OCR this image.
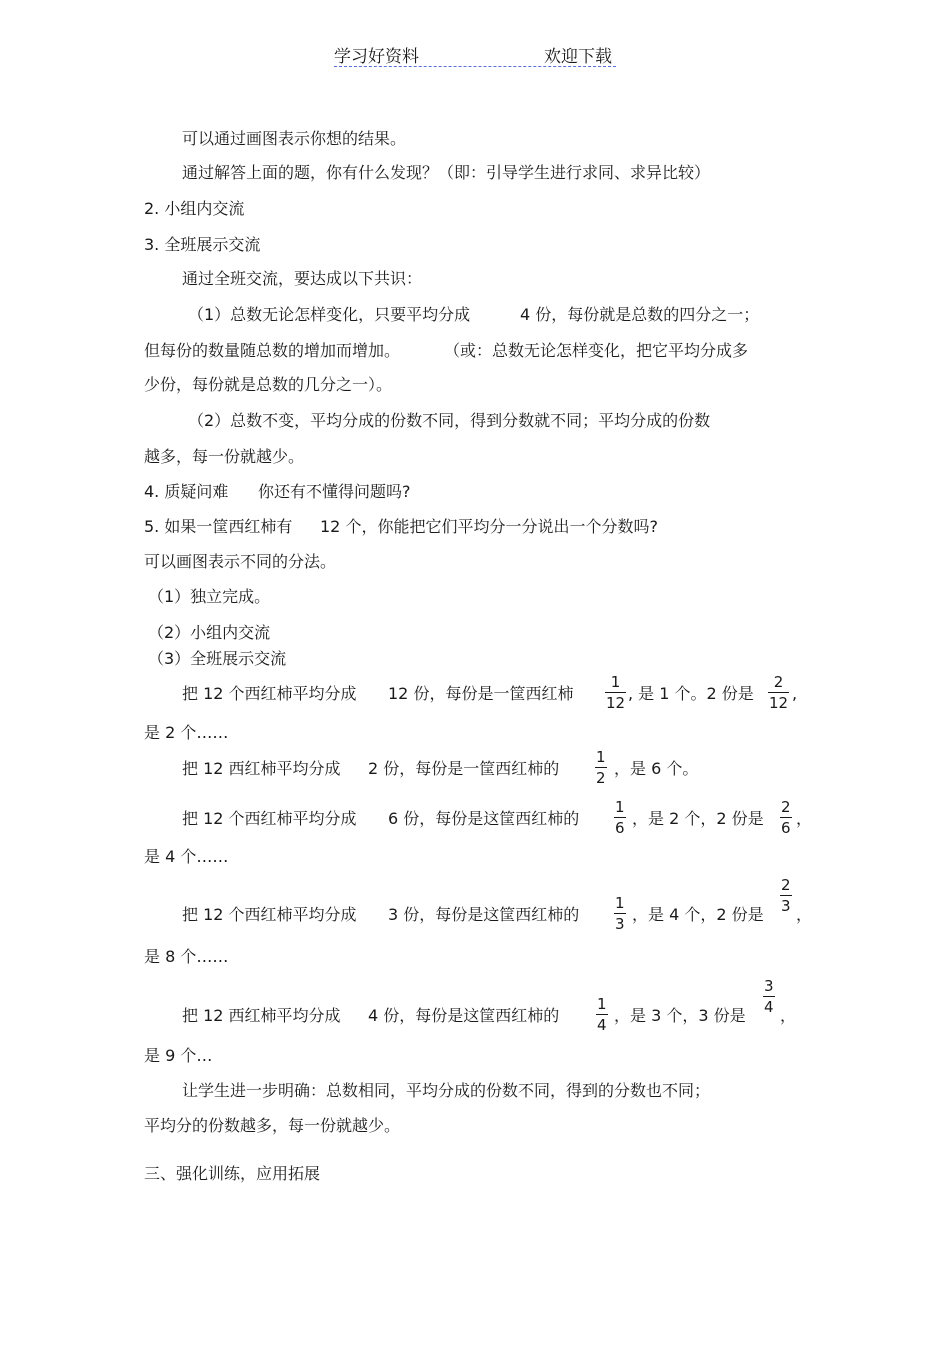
学习好资料	欢迎下载
可以通过画图表示你想的结果。
通过解答上面的题，你有什么发现？（即：引导学生进行求同、求异比较）
2. 小组内交流
3. 全班展示交流
通过全班交流，要达成以下共识：
（1）总数无论怎样变化，只要平均分成	4 份，每份就是总数的四分之一；
但每份的数量随总数的增加而增加。	（或：总数无论怎样变化，把它平均分成多
少份，每份就是总数的几分之一）。
（2）总数不变，平均分成的份数不同，得到分数就不同；平均分成的份数
越多，每一份就越少。
4. 质疑问难 你还有不懂得问题吗?
5. 如果一筐西红柿有 12 个，你能把它们平均分一分说出一个分数吗?
可以画图表示不同的分法。
（1）独立完成。
（2）小组内交流
（3）全班展示交流
把 12 个西红柿平均分成 12 份，每份是一筐西红柿
1
12 , 是 1 个。2 份是
2
12 ,
是 2 个……
把 12 西红柿平均分成 2 份，每份是一筐西红柿的
1
2 ，是 6 个。
把 12 个西红柿平均分成 6 份，每份是这筐西红柿的
1
6 ，是 2 个，2 份是
2
6 ，
是 4 个……
把 12 个西红柿平均分成 3 份，每份是这筐西红柿的
1
3 ，是 4 个，2 份是
2
3 ，
是 8 个……
把 12 西红柿平均分成 4 份，每份是这筐西红柿的
1
4 ，是 3 个，3 份是
3
4 ，
是 9 个…
让学生进一步明确：总数相同，平均分成的份数不同，得到的分数也不同；
平均分的份数越多，每一份就越少。
三、强化训练，应用拓展
